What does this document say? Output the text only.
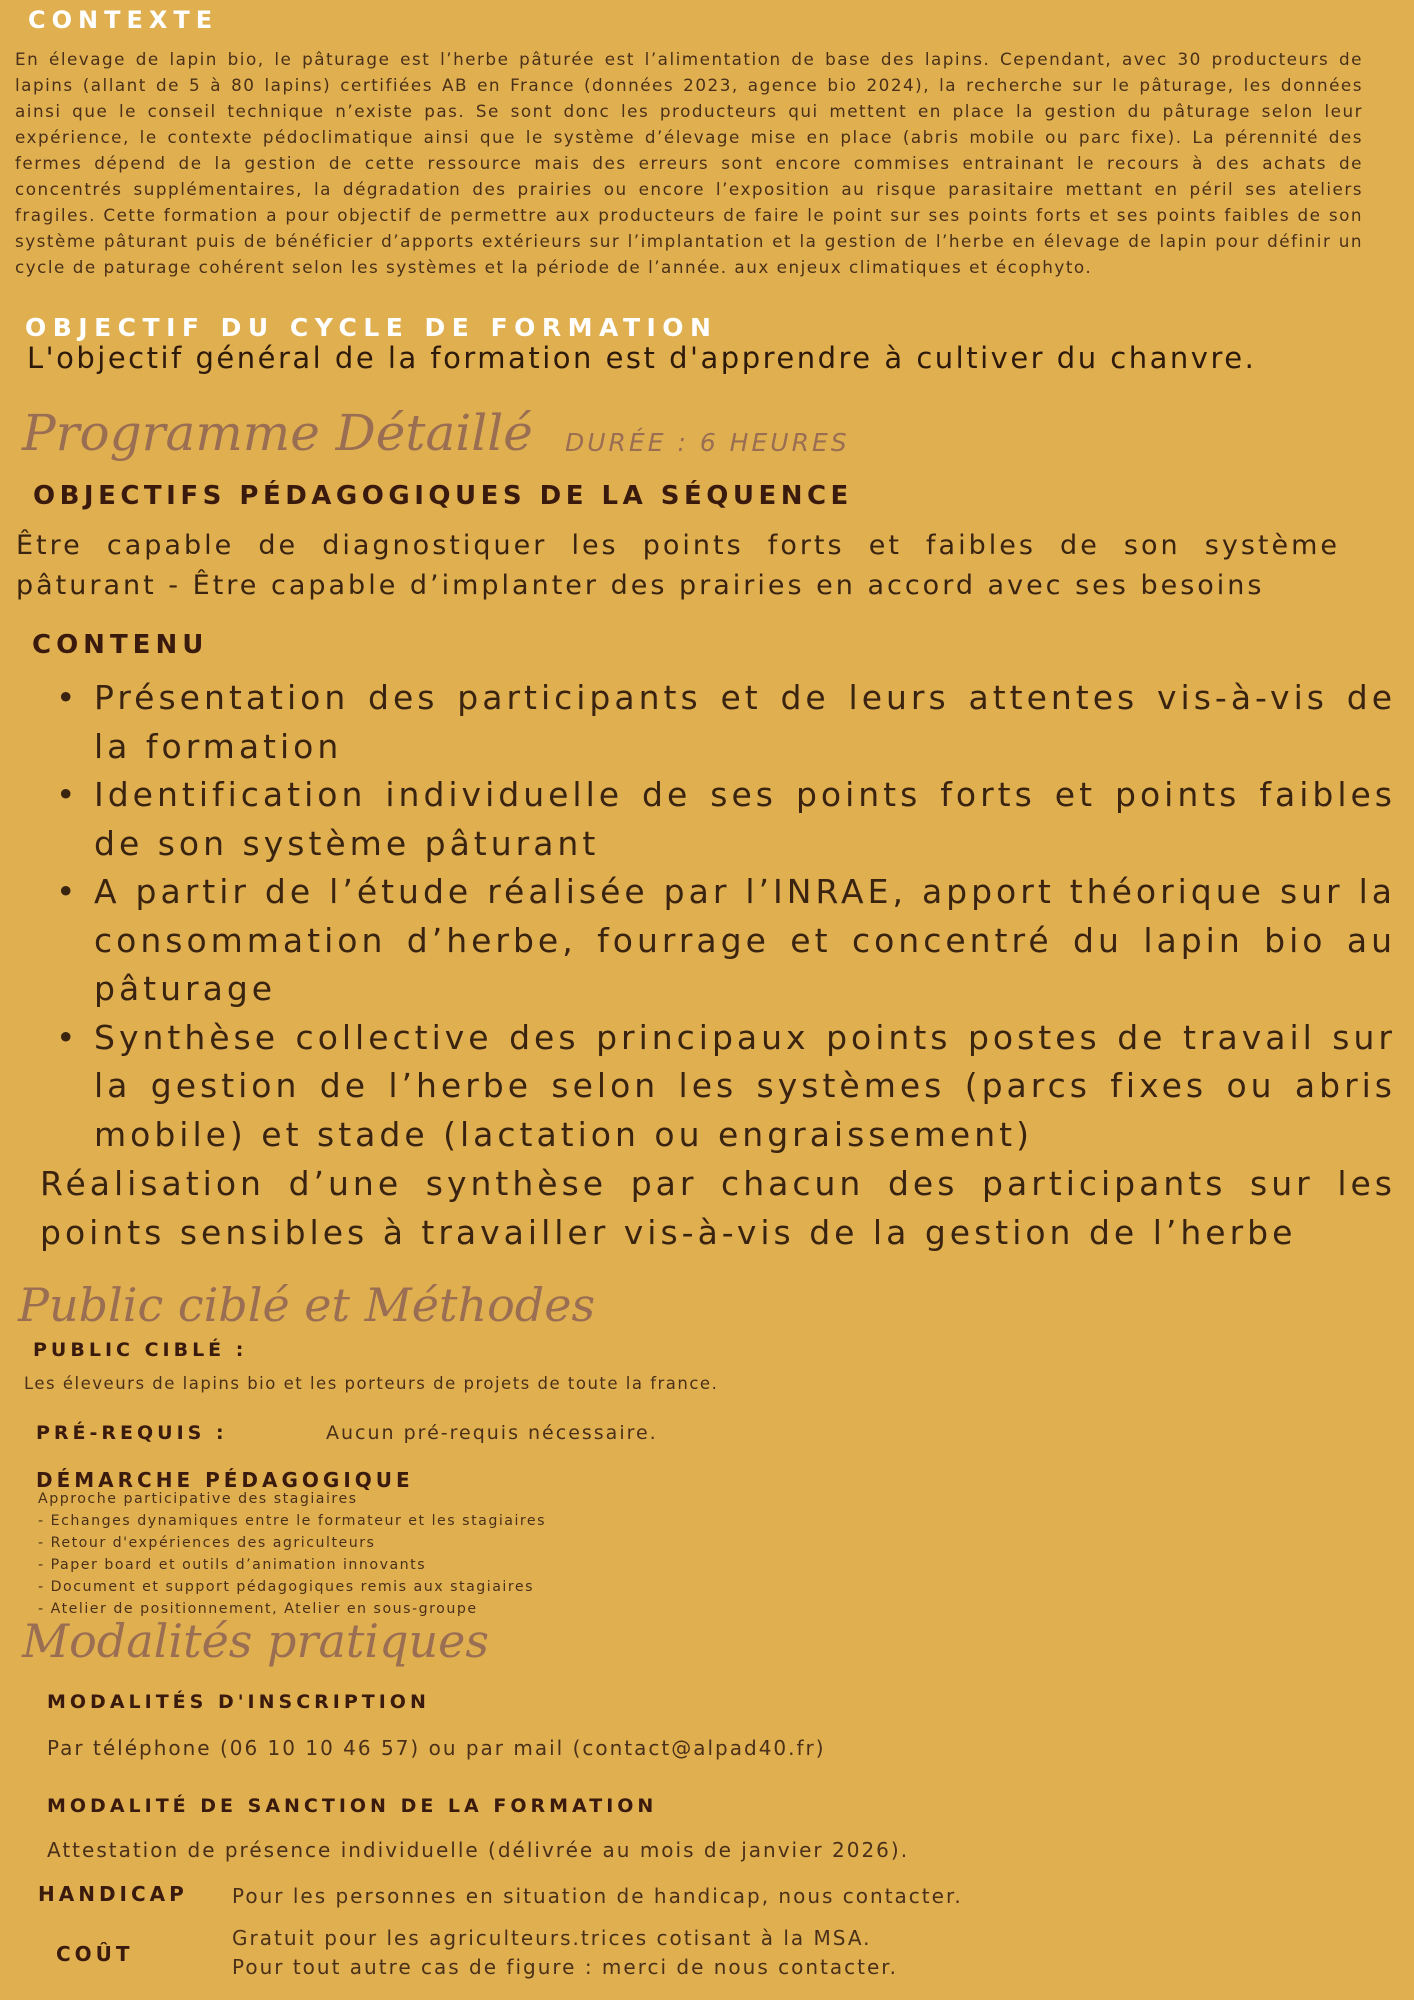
CONTEXTE
En élevage de lapin bio, le pâturage est l’herbe pâturée est l’alimentation de base des lapins. Cependant, avec 30 producteurs de lapins (allant de 5 à 80 lapins) certifiées AB en France (données 2023, agence bio 2024), la recherche sur le pâturage, les données ainsi que le conseil technique n’existe pas. Se sont donc les producteurs qui mettent en place la gestion du pâturage selon leur expérience, le contexte pédoclimatique ainsi que le système d’élevage mise en place (abris mobile ou parc fixe). La pérennité des fermes dépend de la gestion de cette ressource mais des erreurs sont encore commises entrainant le recours à des achats de concentrés supplémentaires, la dégradation des prairies ou encore l’exposition au risque parasitaire mettant en péril ses ateliers fragiles. Cette formation a pour objectif de permettre aux producteurs de faire le point sur ses points forts et ses points faibles de son système pâturant puis de bénéficier d’apports extérieurs sur l’implantation et la gestion de l’herbe en élevage de lapin pour définir un cycle de paturage cohérent selon les systèmes et la période de l’année. aux enjeux climatiques et écophyto.
OBJECTIF DU CYCLE DE FORMATION
L'objectif général de la formation est d'apprendre à cultiver du chanvre.
Programme Détaillé DURÉE : 6 HEURES
OBJECTIFS PÉDAGOGIQUES DE LA SÉQUENCE
Être capable de diagnostiquer les points forts et faibles de son système pâturant - Être capable d’implanter des prairies en accord avec ses besoins
CONTENU
• Présentation des participants et de leurs attentes vis-à-vis de la formation
• Identification individuelle de ses points forts et points faibles de son système pâturant
• A partir de l’étude réalisée par l’INRAE, apport théorique sur la consommation d’herbe, fourrage et concentré du lapin bio au pâturage
• Synthèse collective des principaux points postes de travail sur la gestion de l’herbe selon les systèmes (parcs fixes ou abris mobile) et stade (lactation ou engraissement)
Réalisation d’une synthèse par chacun des participants sur les points sensibles à travailler vis-à-vis de la gestion de l’herbe
Public ciblé et Méthodes
PUBLIC CIBLÉ :
Les éleveurs de lapins bio et les porteurs de projets de toute la france.
PRÉ-REQUIS :	Aucun pré-requis nécessaire.
DÉMARCHE PÉDAGOGIQUE
Approche participative des stagiaires
- Echanges dynamiques entre le formateur et les stagiaires
- Retour d'expériences des agriculteurs
- Paper board et outils d’animation innovants
- Document et support pédagogiques remis aux stagiaires
- Atelier de positionnement, Atelier en sous-groupe
Modalités pratiques
MODALITÉS D'INSCRIPTION
Par téléphone (06 10 10 46 57) ou par mail (contact@alpad40.fr)
MODALITÉ DE SANCTION DE LA FORMATION
Attestation de présence individuelle (délivrée au mois de janvier 2026).
HANDICAP Pour les personnes en situation de handicap, nous contacter.
COÛT
Gratuit pour les agriculteurs.trices cotisant à la MSA.
Pour tout autre cas de figure : merci de nous contacter.
